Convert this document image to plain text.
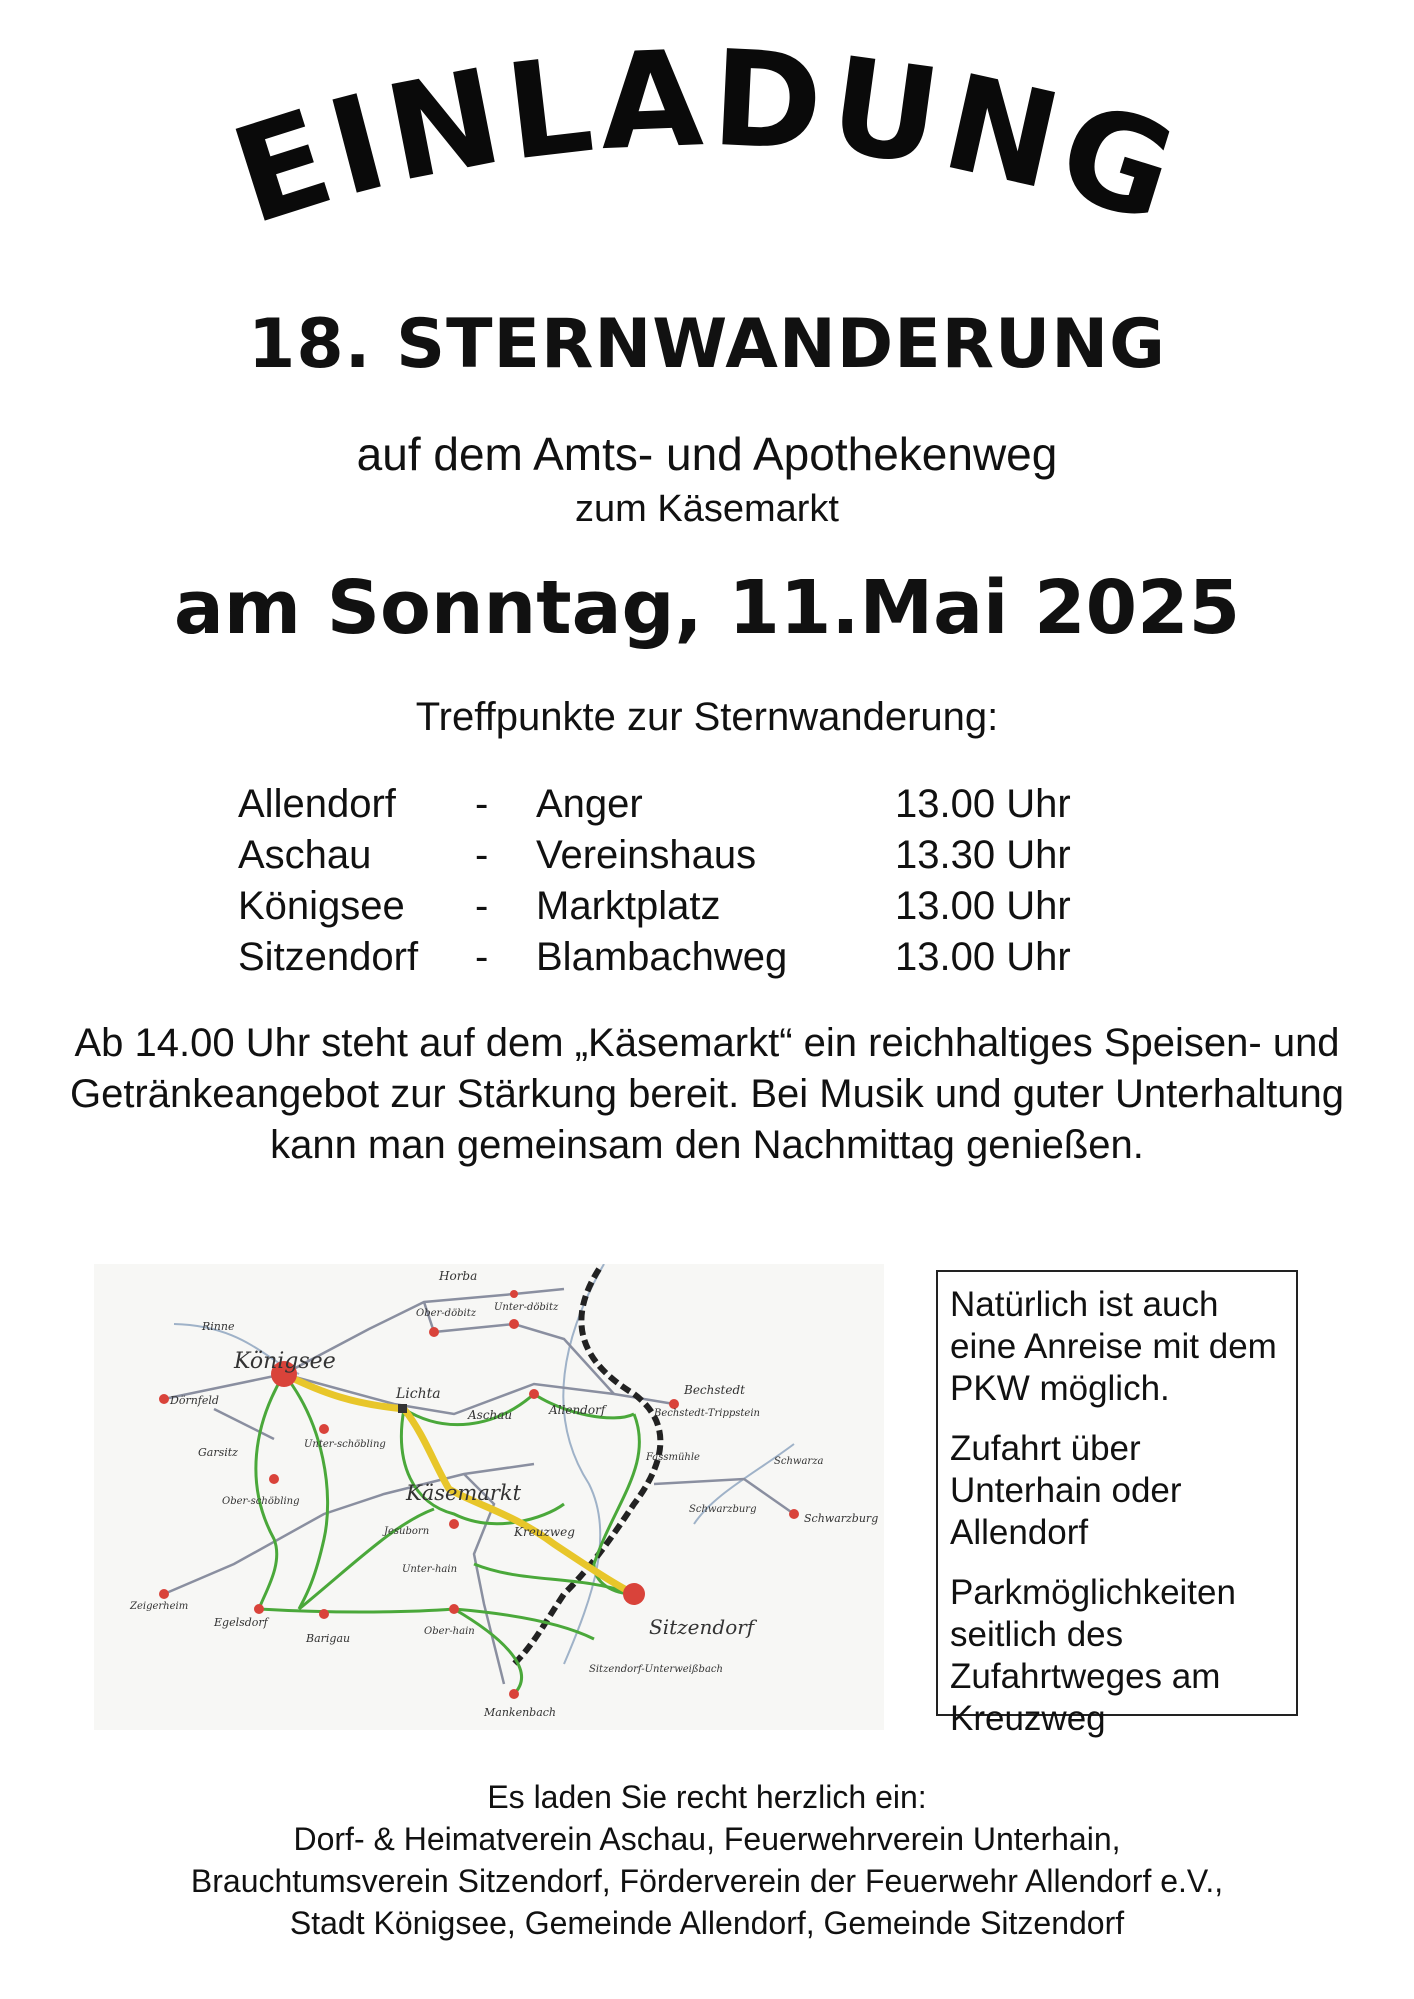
EINLADUNG
18. STERNWANDERUNG
auf dem Amts- und Apothekenweg
zum Käsemarkt
am Sonntag, 11.Mai 2025
Treffpunkte zur Sternwanderung:
Allendorf - Anger	13.00 Uhr
Aschau	- Vereinshaus	13.30 Uhr
Königsee - Marktplatz	13.00 Uhr
Sitzendorf - Blambachweg	13.00 Uhr
Ab 14.00 Uhr steht auf dem „Käsemarkt“ ein reichhaltiges Speisen- und Getränkeangebot zur Stärkung bereit. Bei Musik und guter Unterhaltung kann man gemeinsam den Nachmittag genießen.
Horba
Ober-döbitz
Unter-döbitz
Rinne
Königsee
Dörnfeld
Garsitz
Unter-schöbling
Ober-schöbling
Lichta
Aschau	Allendorf
Bechstedt
Bechstedt-Trippstein
Käsemarkt
Fassmühle
Schwarzburg
Schwarza
Schwarzburg
Kreuzweg
Jesuborn
Unter-hain
Ober-hain
Zeigerheim
Egelsdorf
Barigau	Sitzendorf
Sitzendorf-Unterweißbach
Mankenbach

Natürlich ist auch eine Anreise mit dem PKW möglich.

Zufahrt über Unterhain oder Allendorf

Parkmöglichkeiten seitlich des Zufahrtweges am Kreuzweg

Es laden Sie recht herzlich ein:
Dorf- & Heimatverein Aschau, Feuerwehrverein Unterhain,
Brauchtumsverein Sitzendorf, Förderverein der Feuerwehr Allendorf e.V.,
Stadt Königsee, Gemeinde Allendorf, Gemeinde Sitzendorf
